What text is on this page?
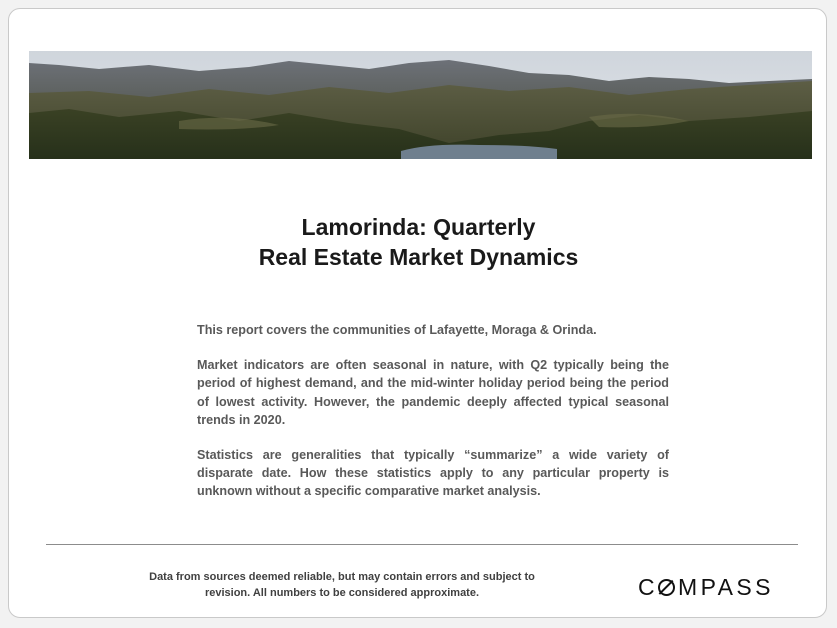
Lamorinda: Quarterly
Real Estate Market Dynamics

This report covers the communities of Lafayette, Moraga & Orinda.

Market indicators are often seasonal in nature, with Q2 typically being the period of highest demand, and the mid-winter holiday period being the period of lowest activity. However, the pandemic deeply affected typical seasonal trends in 2020.

Statistics are generalities that typically “summarize” a wide variety of disparate date. How these statistics apply to any particular property is unknown without a specific comparative market analysis.

Data from sources deemed reliable, but may contain errors and subject to
revision. All numbers to be considered approximate.	C MPASS
